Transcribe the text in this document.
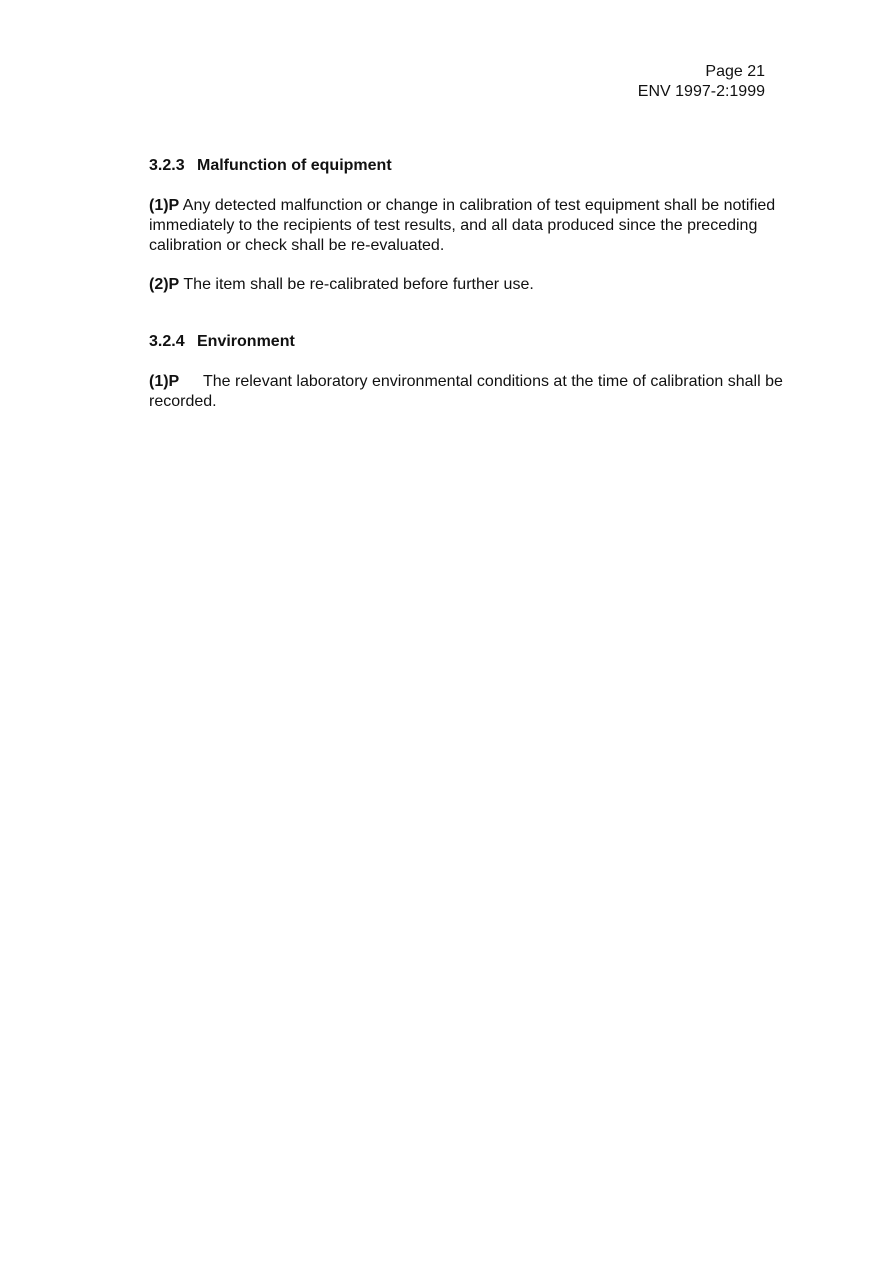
Page 21
ENV 1997-2:1999
3.2.3 Malfunction of equipment
(1)P Any detected malfunction or change in calibration of test equipment shall be notified
immediately to the recipients of test results, and all data produced since the preceding
calibration or check shall be re-evaluated.
(2)P The item shall be re-calibrated before further use.
3.2.4 Environment
(1)P The relevant laboratory environmental conditions at the time of calibration shall be
recorded.
